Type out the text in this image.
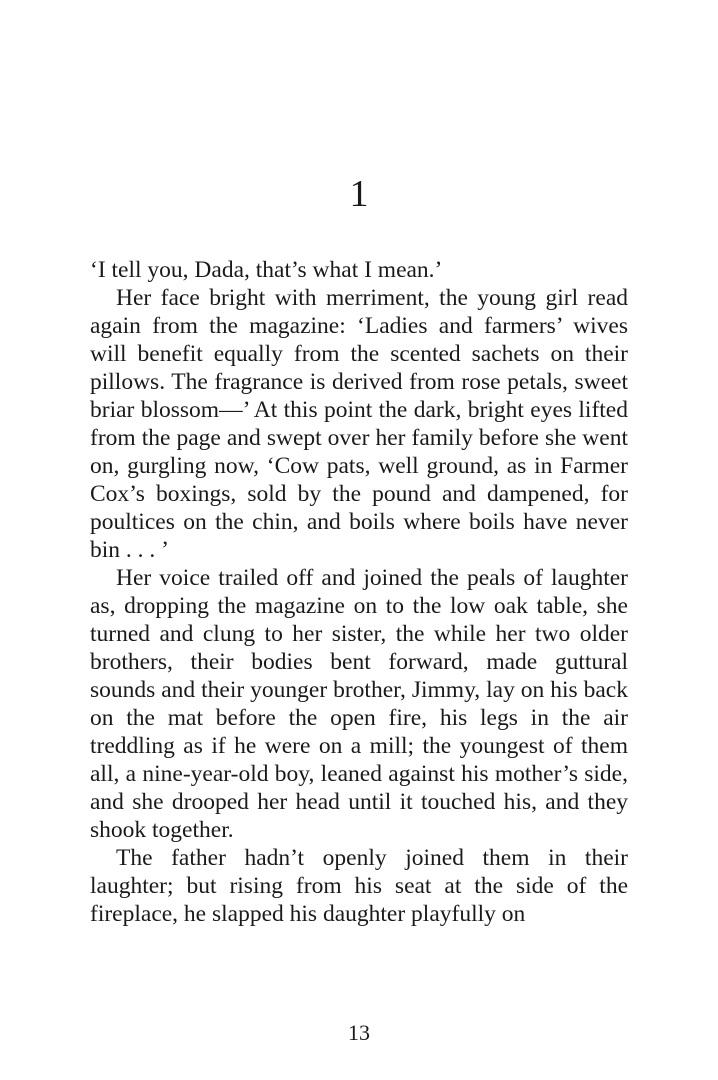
1

‘I tell you, Dada, that’s what I mean.’

Her face bright with merriment, the young girl read again from the magazine: ‘Ladies and farmers’ wives will benefit equally from the scented sachets on their pillows. The fragrance is derived from rose petals, sweet briar blossom—’ At this point the dark, bright eyes lifted from the page and swept over her family before she went on, gurgling now, ‘Cow pats, well ground, as in Farmer Cox’s boxings, sold by the pound and dampened, for poultices on the chin, and boils where boils have never bin . . . ’

Her voice trailed off and joined the peals of laughter as, dropping the magazine on to the low oak table, she turned and clung to her sister, the while her two older brothers, their bodies bent forward, made guttural sounds and their younger brother, Jimmy, lay on his back on the mat before the open fire, his legs in the air treddling as if he were on a mill; the youngest of them all, a nine-year-old boy, leaned against his mother’s side, and she drooped her head until it touched his, and they shook together.

The father hadn’t openly joined them in their laughter; but rising from his seat at the side of the fireplace, he slapped his daughter playfully on

13
